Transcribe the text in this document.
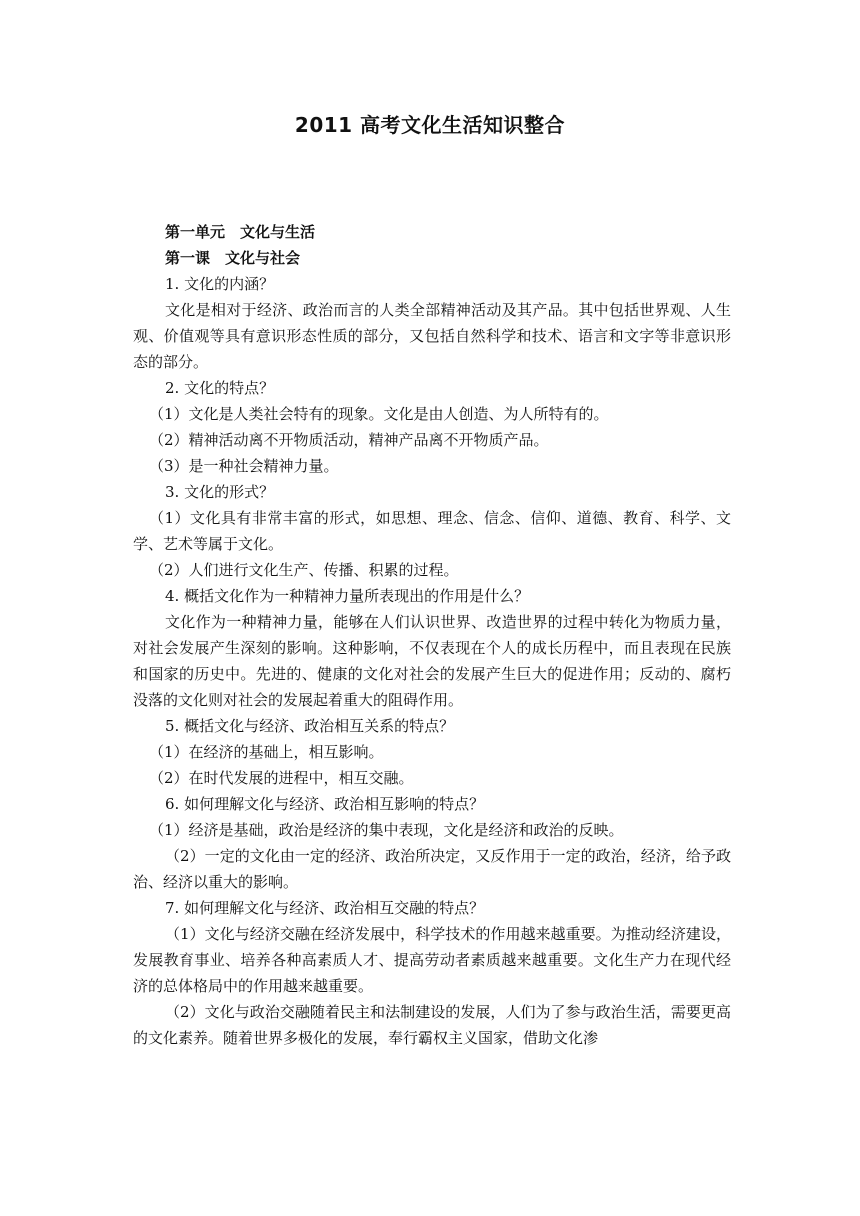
2011 高考文化生活知识整合

第一单元　文化与生活

第一课　文化与社会

1. 文化的内涵？

文化是相对于经济、政治而言的人类全部精神活动及其产品。其中包括世界观、人生观、价值观等具有意识形态性质的部分，又包括自然科学和技术、语言和文字等非意识形态的部分。

2. 文化的特点？

（1）文化是人类社会特有的现象。文化是由人创造、为人所特有的。

（2）精神活动离不开物质活动，精神产品离不开物质产品。

（3）是一种社会精神力量。

3. 文化的形式？

（1）文化具有非常丰富的形式，如思想、理念、信念、信仰、道德、教育、科学、文学、艺术等属于文化。

（2）人们进行文化生产、传播、积累的过程。

4. 概括文化作为一种精神力量所表现出的作用是什么？

文化作为一种精神力量，能够在人们认识世界、改造世界的过程中转化为物质力量，对社会发展产生深刻的影响。这种影响，不仅表现在个人的成长历程中，而且表现在民族和国家的历史中。先进的、健康的文化对社会的发展产生巨大的促进作用；反动的、腐朽没落的文化则对社会的发展起着重大的阻碍作用。

5. 概括文化与经济、政治相互关系的特点？

（1）在经济的基础上，相互影响。

（2）在时代发展的进程中，相互交融。

6. 如何理解文化与经济、政治相互影响的特点？

（1）经济是基础，政治是经济的集中表现，文化是经济和政治的反映。

（2）一定的文化由一定的经济、政治所决定，又反作用于一定的政治，经济，给予政治、经济以重大的影响。

7. 如何理解文化与经济、政治相互交融的特点？

（1）文化与经济交融在经济发展中，科学技术的作用越来越重要。为推动经济建设，发展教育事业、培养各种高素质人才、提高劳动者素质越来越重要。文化生产力在现代经济的总体格局中的作用越来越重要。

（2）文化与政治交融随着民主和法制建设的发展，人们为了参与政治生活，需要更高的文化素养。随着世界多极化的发展，奉行霸权主义国家，借助文化渗
